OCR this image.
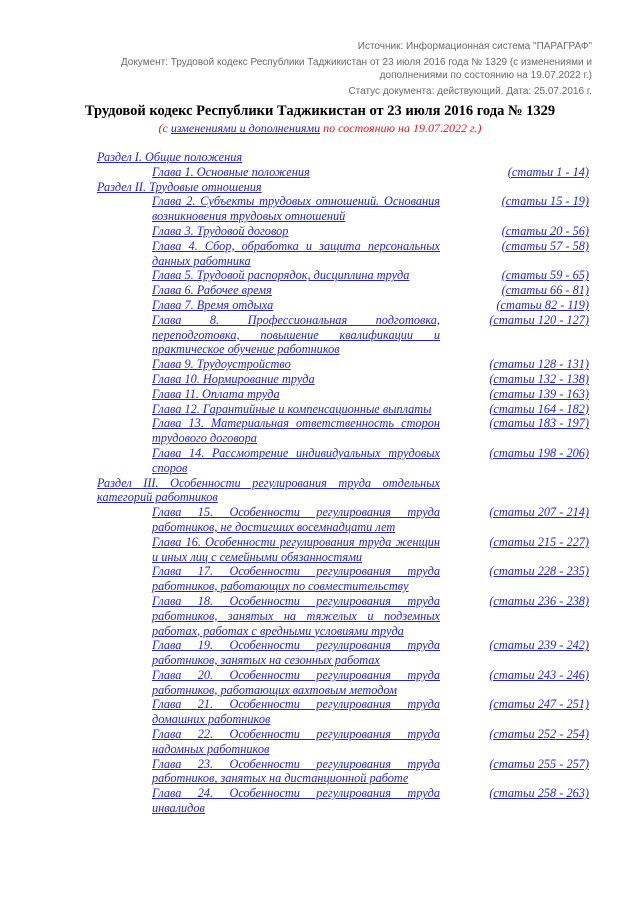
Источник: Информационная система "ПАРАГРАФ"
Документ: Трудовой кодекс Республики Таджикистан от 23 июля 2016 года № 1329 (с изменениями и дополнениями по состоянию на 19.07.2022 г.)
Статус документа: действующий. Дата: 25.07.2016 г.
Трудовой кодекс Республики Таджикистан от 23 июля 2016 года № 1329
(с изменениями и дополнениями по состоянию на 19.07.2022 г.)
Раздел I. Общие положения
Глава 1. Основные положения	(статьи 1 - 14)
Раздел II. Трудовые отношения
Глава 2. Субъекты трудовых отношений. Основания возникновения трудовых отношений
(статьи 15 - 19)
Глава 3. Трудовой договор	(статьи 20 - 56)
Глава 4. Сбор, обработка и защита персональных данных работника
(статьи 57 - 58)
Глава 5. Трудовой распорядок, дисциплина труда	(статьи 59 - 65)
Глава 6. Рабочее время	(статьи 66 - 81)
Глава 7. Время отдыха	(статьи 82 - 119)
Глава 8. Профессиональная подготовка, переподготовка, повышение квалификации и практическое обучение работников
(статьи 120 - 127)
Глава 9. Трудоустройство	(статьи 128 - 131)
Глава 10. Нормирование труда	(статьи 132 - 138)
Глава 11. Оплата труда	(статьи 139 - 163)
Глава 12. Гарантийные и компенсационные выплаты	(статьи 164 - 182)
Глава 13. Материальная ответственность сторон трудового договора
(статьи 183 - 197)
Глава 14. Рассмотрение индивидуальных трудовых споров
(статьи 198 - 206)
Раздел III. Особенности регулирования труда отдельных категорий работников
Глава 15. Особенности регулирования труда работников, не достигших восемнадцати лет
(статьи 207 - 214)
Глава 16. Особенности регулирования труда женщин и иных лиц с семейными обязанностями
(статьи 215 - 227)
Глава 17. Особенности регулирования труда работников, работающих по совместительству
(статьи 228 - 235)
Глава 18. Особенности регулирования труда работников, занятых на тяжелых и подземных работах, работах с вредными условиями труда
(статьи 236 - 238)
Глава 19. Особенности регулирования труда работников, занятых на сезонных работах
(статьи 239 - 242)
Глава 20. Особенности регулирования труда работников, работающих вахтовым методом
(статьи 243 - 246)
Глава 21. Особенности регулирования труда домашних работников
(статьи 247 - 251)
Глава 22. Особенности регулирования труда надомных работников
(статьи 252 - 254)
Глава 23. Особенности регулирования труда работников, занятых на дистанционной работе
(статьи 255 - 257)
Глава 24. Особенности регулирования труда инвалидов
(статьи 258 - 263)
